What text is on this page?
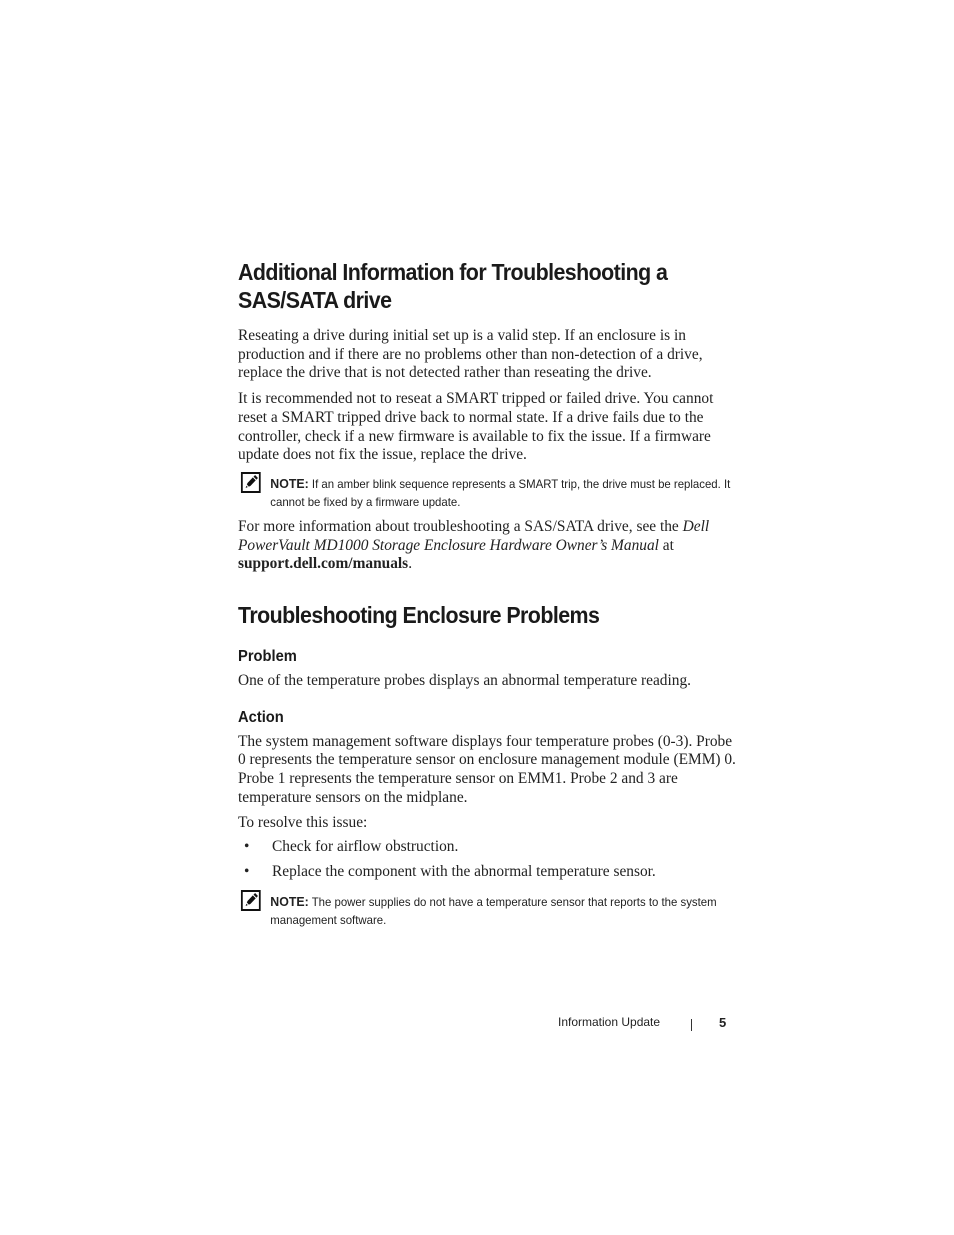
Additional Information for Troubleshooting a SAS/SATA drive

Reseating a drive during initial set up is a valid step. If an enclosure is in production and if there are no problems other than non-detection of a drive, replace the drive that is not detected rather than reseating the drive.

It is recommended not to reseat a SMART tripped or failed drive. You cannot reset a SMART tripped drive back to normal state. If a drive fails due to the controller, check if a new firmware is available to fix the issue. If a firmware update does not fix the issue, replace the drive.

NOTE: If an amber blink sequence represents a SMART trip, the drive must be replaced. It cannot be fixed by a firmware update.

For more information about troubleshooting a SAS/SATA drive, see the Dell PowerVault MD1000 Storage Enclosure Hardware Owner’s Manual at support.dell.com/manuals.

Troubleshooting Enclosure Problems
Problem

One of the temperature probes displays an abnormal temperature reading.

Action

The system management software displays four temperature probes (0-3). Probe 0 represents the temperature sensor on enclosure management module (EMM) 0. Probe 1 represents the temperature sensor on EMM1. Probe 2 and 3 are temperature sensors on the midplane.

To resolve this issue:

• Check for airflow obstruction.
• Replace the component with the abnormal temperature sensor.
NOTE: The power supplies do not have a temperature sensor that reports to the system management software.
Information Update	5
